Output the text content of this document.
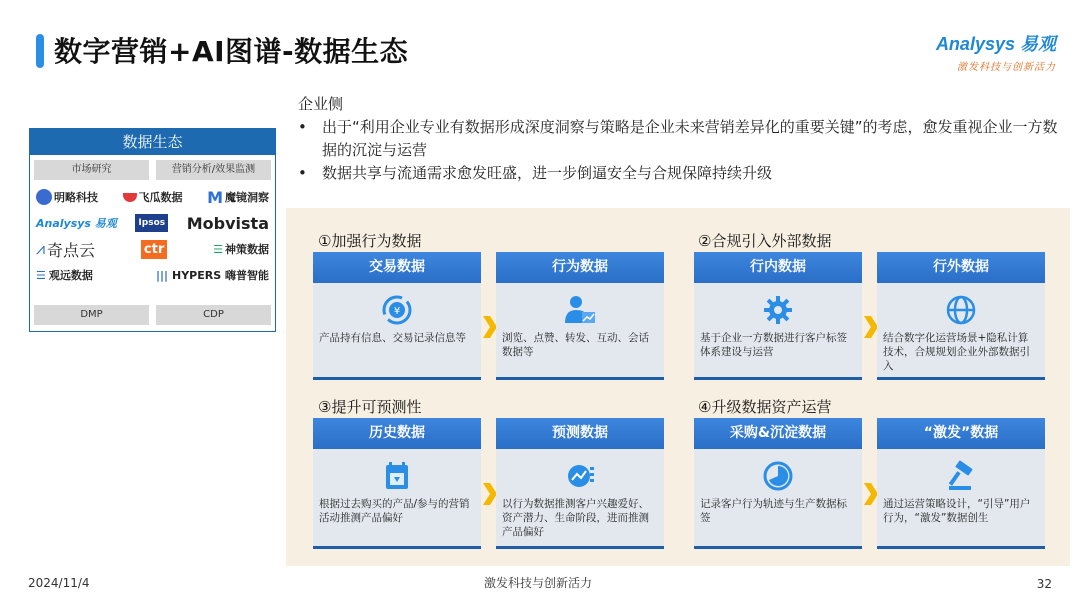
数字营销+AI图谱-数据生态	Analysys 易观
激发科技与创新活力
数据生态
市场研究	营销分析/效果监测
明略科技	飞瓜数据 M 魔镜洞察
Analysys 易观	Ipsos Mobvista
⩘ 奇点云	ctr	☰ 神策数据
☰ 观远数据	||| HYPERS 嗨普智能
DMP	CDP
企业侧
•	出于“利用企业专业有数据形成深度洞察与策略是企业未来营销差异化的重要关键”的考虑，愈发重视企业一方数据的沉淀与运营
•	数据共享与流通需求愈发旺盛，进一步倒逼安全与合规保障持续升级
①加强行为数据
交易数据
¥
产品持有信息、交易记录信息等
行为数据
浏览、点赞、转发、互动、会话数据等
②合规引入外部数据
行内数据
基于企业一方数据进行客户标签体系建设与运营
行外数据
结合数字化运营场景+隐私计算技术，合规规划企业外部数据引入
③提升可预测性
历史数据
根据过去购买的产品/参与的营销活动推测产品偏好
预测数据
以行为数据推测客户兴趣爱好、资产潜力、生命阶段，进而推测产品偏好
④升级数据资产运营
采购&沉淀数据
记录客户行为轨迹与生产数据标签
“激发”数据
通过运营策略设计，“引导”用户行为，“激发”数据创生
2024/11/4	激发科技与创新活力	32
